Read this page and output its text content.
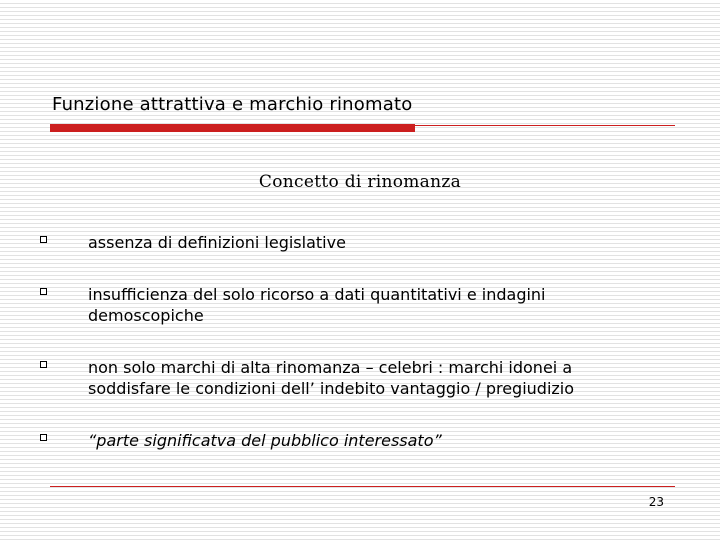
Funzione attrattiva e marchio rinomato
Concetto di rinomanza
assenza di definizioni legislative
insufficienza del solo ricorso a dati quantitativi e indagini
demoscopiche
non solo marchi di alta rinomanza – celebri : marchi idonei a
soddisfare le condizioni dell’ indebito vantaggio / pregiudizio
“parte significatva del pubblico interessato”
23
